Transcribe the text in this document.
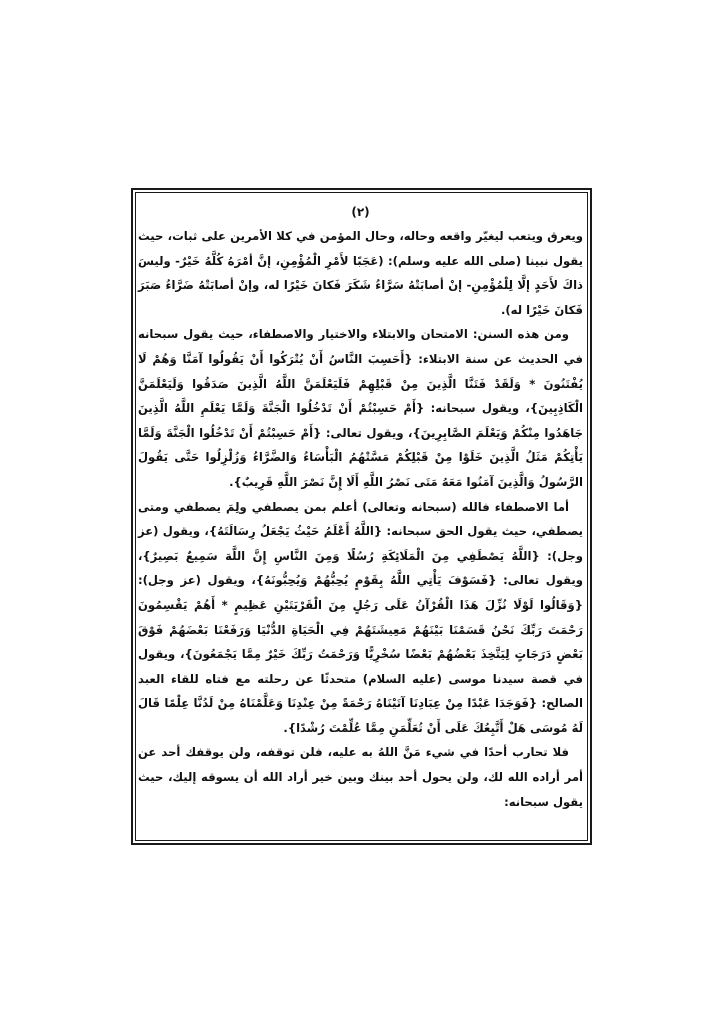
(٢)

ويعرق ويتعب ليغيّر واقعه وحاله، وحال المؤمن في كلا الأمرين على ثبات، حيث يقول نبينا (صلى الله عليه وسلم): (عَجَبًا لأَمْرِ الْمُؤْمِنِ، إنَّ أمْرَهُ كُلَّهُ خَيْرٌ- وليسَ ذاكَ لأَحَدٍ إلَّا لِلْمُؤْمِنِ- إنْ أصابَتْهُ سَرَّاءُ شَكَرَ فَكانَ خَيْرًا له، وإنْ أصابَتْهُ ضَرَّاءُ صَبَرَ فَكانَ خَيْرًا له).

ومن هذه السنن: الامتحان والابتلاء والاختيار والاصطفاء، حيث يقول سبحانه في الحديث عن سنة الابتلاء: {أَحَسِبَ النَّاسُ أَنْ يُتْرَكُوا أَنْ يَقُولُوا آمَنَّا وَهُمْ لَا يُفْتَنُونَ * وَلَقَدْ فَتَنَّا الَّذِينَ مِنْ قَبْلِهِمْ فَلَيَعْلَمَنَّ اللَّهُ الَّذِينَ صَدَقُوا وَلَيَعْلَمَنَّ الْكَاذِبِينَ}، ويقول سبحانه: {أَمْ حَسِبْتُمْ أَنْ تَدْخُلُوا الْجَنَّةَ وَلَمَّا يَعْلَمِ اللَّهُ الَّذِينَ جَاهَدُوا مِنْكُمْ وَيَعْلَمَ الصَّابِرِينَ}، ويقول تعالى: {أَمْ حَسِبْتُمْ أَنْ تَدْخُلُوا الْجَنَّةَ وَلَمَّا يَأْتِكُمْ مَثَلُ الَّذِينَ خَلَوْا مِنْ قَبْلِكُمْ مَسَّتْهُمُ الْبَأْسَاءُ وَالضَّرَّاءُ وَزُلْزِلُوا حَتَّى يَقُولَ الرَّسُولُ وَالَّذِينَ آمَنُوا مَعَهُ مَتَى نَصْرُ اللَّهِ أَلَا إِنَّ نَصْرَ اللَّهِ قَرِيبٌ}.

أما الاصطفاء فالله (سبحانه وتعالى) أعلم بمن يصطفي ولِمَ يصطفي ومتى يصطفي، حيث يقول الحق سبحانه: {اللَّهُ أَعْلَمُ حَيْثُ يَجْعَلُ رِسَالَتَهُ}، ويقول (عز وجل): {اللَّهُ يَصْطَفِي مِنَ الْمَلَائِكَةِ رُسُلًا وَمِنَ النَّاسِ إِنَّ اللَّهَ سَمِيعٌ بَصِيرٌ}، ويقول تعالى: {فَسَوْفَ يَأْتِي اللَّهُ بِقَوْمٍ يُحِبُّهُمْ وَيُحِبُّونَهُ}، ويقول (عز وجل): {وَقَالُوا لَوْلَا نُزِّلَ هَذَا الْقُرْآنُ عَلَى رَجُلٍ مِنَ الْقَرْيَتَيْنِ عَظِيمٍ * أَهُمْ يَقْسِمُونَ رَحْمَتَ رَبِّكَ نَحْنُ قَسَمْنَا بَيْنَهُمْ مَعِيشَتَهُمْ فِي الْحَيَاةِ الدُّنْيَا وَرَفَعْنَا بَعْضَهُمْ فَوْقَ بَعْضٍ دَرَجَاتٍ لِيَتَّخِذَ بَعْضُهُمْ بَعْضًا سُخْرِيًّا وَرَحْمَتُ رَبِّكَ خَيْرٌ مِمَّا يَجْمَعُونَ}، ويقول في قصة سيدنا موسى (عليه السلام) متحدثًا عن رحلته مع فتاه للقاء العبد الصالح: {فَوَجَدَا عَبْدًا مِنْ عِبَادِنَا آتَيْنَاهُ رَحْمَةً مِنْ عِنْدِنَا وَعَلَّمْنَاهُ مِنْ لَدُنَّا عِلْمًا قَالَ لَهُ مُوسَى هَلْ أَتَّبِعُكَ عَلَى أَنْ تُعَلِّمَنِ مِمَّا عُلِّمْتَ رُشْدًا}.

فلا تحارب أحدًا في شيء مَنَّ اللهُ به عليه، فلن توقفه، ولن يوقفك أحد عن أمر أراده الله لك، ولن يحول أحد بينك وبين خير أراد الله أن يسوقه إليك، حيث يقول سبحانه:
